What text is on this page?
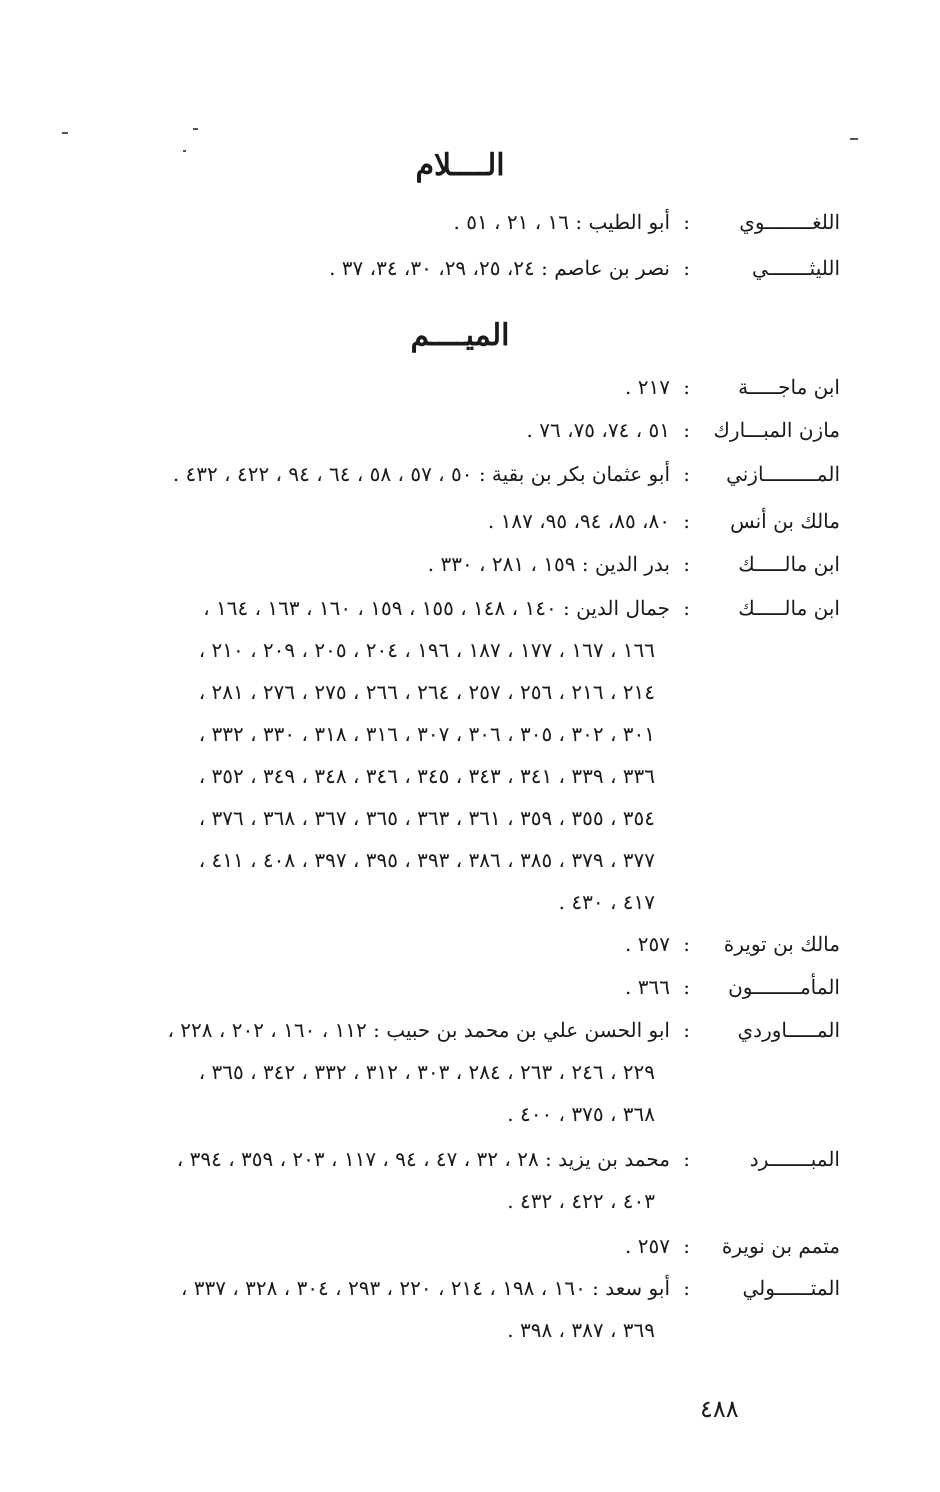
الــــلام
اللغــــــــوي
:
أبو الطيب : ١٦ ، ٢١ ، ٥١ .
الليثـــــــي
:
نصر بن عاصم : ٢٤، ٢٥، ٢٩، ٣٠، ٣٤، ٣٧ .
الميــــم
ابن ماجـــــة
:
٢١٧ .
مازن المبـــارك
:
٥١ ، ٧٤، ٧٥، ٧٦ .
المـــــــــازني
:
أبو عثمان بكر بن بقية : ٥٠ ، ٥٧ ، ٥٨ ، ٦٤ ، ٩٤ ، ٤٢٢ ، ٤٣٢ .
مالك بن أنس
:
٨٠، ٨٥، ٩٤، ٩٥، ١٨٧ .
ابن مالـــــك
:
بدر الدين : ١٥٩ ، ٢٨١ ، ٣٣٠ .
ابن مالـــــك
:
جمال الدين : ١٤٠ ، ١٤٨ ، ١٥٥ ، ١٥٩ ، ١٦٠ ، ١٦٣ ، ١٦٤ ،
١٦٦ ، ١٦٧ ، ١٧٧ ، ١٨٧ ، ١٩٦ ، ٢٠٤ ، ٢٠٥ ، ٢٠٩ ، ٢١٠ ،
٢١٤ ، ٢١٦ ، ٢٥٦ ، ٢٥٧ ، ٢٦٤ ، ٢٦٦ ، ٢٧٥ ، ٢٧٦ ، ٢٨١ ،
٣٠١ ، ٣٠٢ ، ٣٠٥ ، ٣٠٦ ، ٣٠٧ ، ٣١٦ ، ٣١٨ ، ٣٣٠ ، ٣٣٢ ،
٣٣٦ ، ٣٣٩ ، ٣٤١ ، ٣٤٣ ، ٣٤٥ ، ٣٤٦ ، ٣٤٨ ، ٣٤٩ ، ٣٥٢ ،
٣٥٤ ، ٣٥٥ ، ٣٥٩ ، ٣٦١ ، ٣٦٣ ، ٣٦٥ ، ٣٦٧ ، ٣٦٨ ، ٣٧٦ ،
٣٧٧ ، ٣٧٩ ، ٣٨٥ ، ٣٨٦ ، ٣٩٣ ، ٣٩٥ ، ٣٩٧ ، ٤٠٨ ، ٤١١ ،
٤١٧ ، ٤٣٠ .
مالك بن تويرة
:
٢٥٧ .
المأمــــــــون
:
٣٦٦ .
المـــــاوردي
:
ابو الحسن علي بن محمد بن حبيب : ١١٢ ، ١٦٠ ، ٢٠٢ ، ٢٢٨ ،
٢٢٩ ، ٢٤٦ ، ٢٦٣ ، ٢٨٤ ، ٣٠٣ ، ٣١٢ ، ٣٣٢ ، ٣٤٢ ، ٣٦٥ ،
٣٦٨ ، ٣٧٥ ، ٤٠٠ .
المبـــــــرد
:
محمد بن يزيد : ٢٨ ، ٣٢ ، ٤٧ ، ٩٤ ، ١١٧ ، ٢٠٣ ، ٣٥٩ ، ٣٩٤ ،
٤٠٣ ، ٤٢٢ ، ٤٣٢ .
متمم بن نويرة
:
٢٥٧ .
المتــــــولي
:
أبو سعد : ١٦٠ ، ١٩٨ ، ٢١٤ ، ٢٢٠ ، ٢٩٣ ، ٣٠٤ ، ٣٢٨ ، ٣٣٧ ،
٣٦٩ ، ٣٨٧ ، ٣٩٨ .
٤٨٨
